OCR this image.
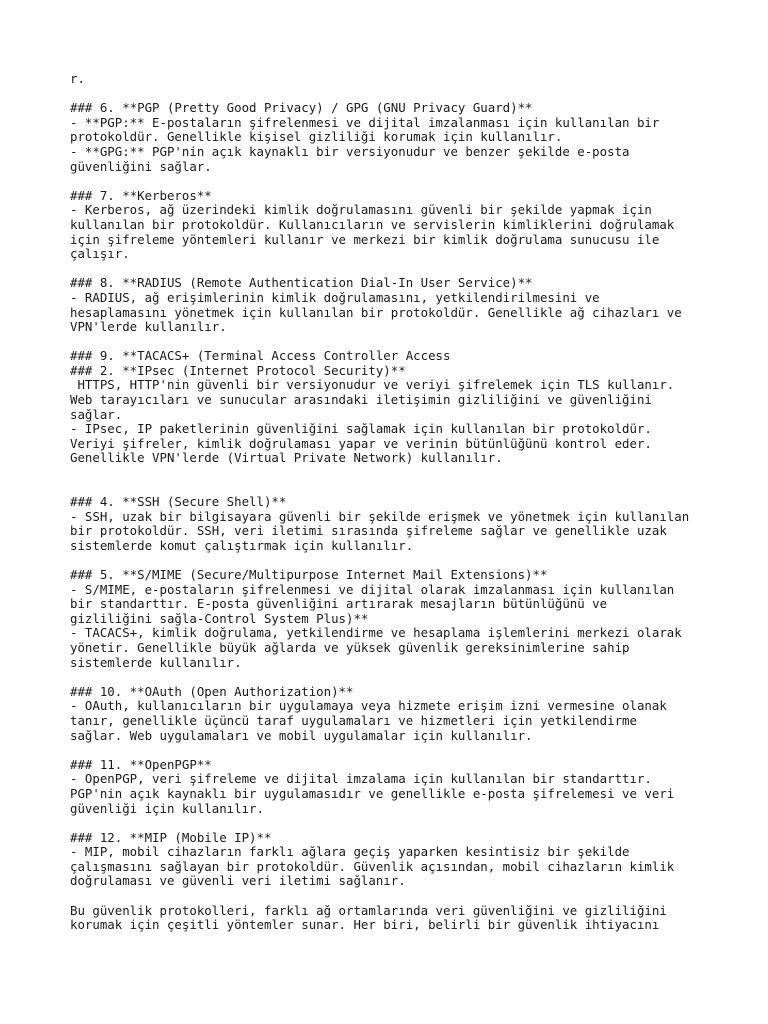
r.
### 6. **PGP (Pretty Good Privacy) / GPG (GNU Privacy Guard)**
- **PGP:** E-postaların şifrelenmesi ve dijital imzalanması için kullanılan bir
protokoldür. Genellikle kişisel gizliliği korumak için kullanılır.
- **GPG:** PGP'nin açık kaynaklı bir versiyonudur ve benzer şekilde e-posta
güvenliğini sağlar.
### 7. **Kerberos**
- Kerberos, ağ üzerindeki kimlik doğrulamasını güvenli bir şekilde yapmak için
kullanılan bir protokoldür. Kullanıcıların ve servislerin kimliklerini doğrulamak
için şifreleme yöntemleri kullanır ve merkezi bir kimlik doğrulama sunucusu ile
çalışır.
### 8. **RADIUS (Remote Authentication Dial-In User Service)**
- RADIUS, ağ erişimlerinin kimlik doğrulamasını, yetkilendirilmesini ve
hesaplamasını yönetmek için kullanılan bir protokoldür. Genellikle ağ cihazları ve
VPN'lerde kullanılır.
### 9. **TACACS+ (Terminal Access Controller Access
### 2. **IPsec (Internet Protocol Security)**
HTTPS, HTTP'nin güvenli bir versiyonudur ve veriyi şifrelemek için TLS kullanır.
Web tarayıcıları ve sunucular arasındaki iletişimin gizliliğini ve güvenliğini
sağlar.
- IPsec, IP paketlerinin güvenliğini sağlamak için kullanılan bir protokoldür.
Veriyi şifreler, kimlik doğrulaması yapar ve verinin bütünlüğünü kontrol eder.
Genellikle VPN'lerde (Virtual Private Network) kullanılır.
### 4. **SSH (Secure Shell)**
- SSH, uzak bir bilgisayara güvenli bir şekilde erişmek ve yönetmek için kullanılan
bir protokoldür. SSH, veri iletimi sırasında şifreleme sağlar ve genellikle uzak
sistemlerde komut çalıştırmak için kullanılır.
### 5. **S/MIME (Secure/Multipurpose Internet Mail Extensions)**
- S/MIME, e-postaların şifrelenmesi ve dijital olarak imzalanması için kullanılan
bir standarttır. E-posta güvenliğini artırarak mesajların bütünlüğünü ve
gizliliğini sağla-Control System Plus)**
- TACACS+, kimlik doğrulama, yetkilendirme ve hesaplama işlemlerini merkezi olarak
yönetir. Genellikle büyük ağlarda ve yüksek güvenlik gereksinimlerine sahip
sistemlerde kullanılır.
### 10. **OAuth (Open Authorization)**
- OAuth, kullanıcıların bir uygulamaya veya hizmete erişim izni vermesine olanak
tanır, genellikle üçüncü taraf uygulamaları ve hizmetleri için yetkilendirme
sağlar. Web uygulamaları ve mobil uygulamalar için kullanılır.
### 11. **OpenPGP**
- OpenPGP, veri şifreleme ve dijital imzalama için kullanılan bir standarttır.
PGP'nin açık kaynaklı bir uygulamasıdır ve genellikle e-posta şifrelemesi ve veri
güvenliği için kullanılır.
### 12. **MIP (Mobile IP)**
- MIP, mobil cihazların farklı ağlara geçiş yaparken kesintisiz bir şekilde
çalışmasını sağlayan bir protokoldür. Güvenlik açısından, mobil cihazların kimlik
doğrulaması ve güvenli veri iletimi sağlanır.
Bu güvenlik protokolleri, farklı ağ ortamlarında veri güvenliğini ve gizliliğini
korumak için çeşitli yöntemler sunar. Her biri, belirli bir güvenlik ihtiyacını
